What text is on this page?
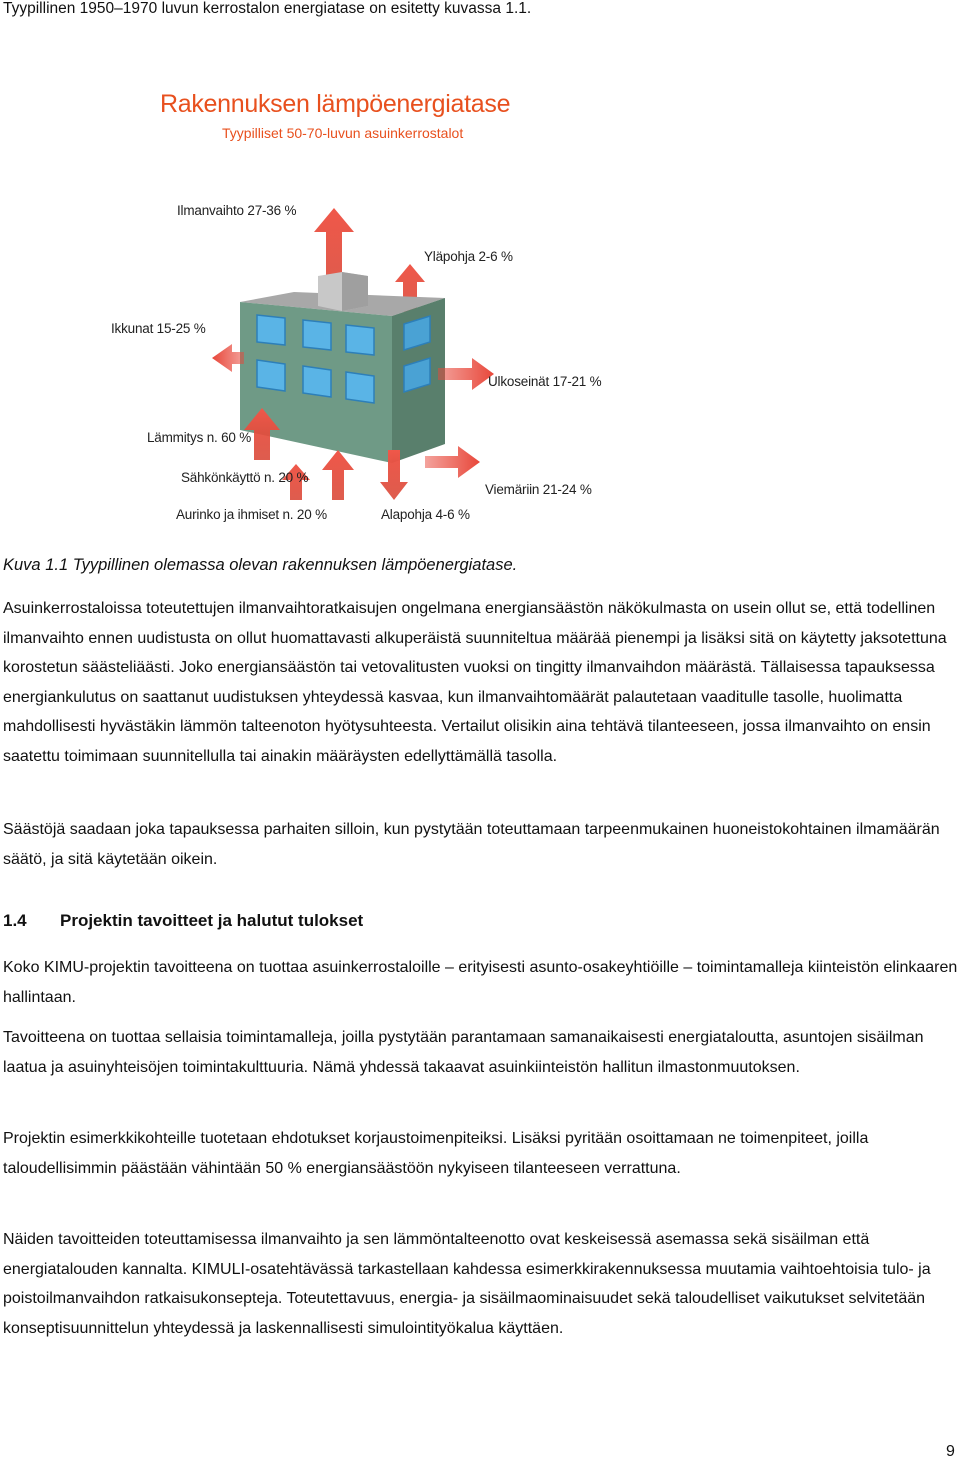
Tyypillinen 1950–1970 luvun kerrostalon energiatase on esitetty kuvassa 1.1.

Rakennuksen lämpöenergiatase
Tyypilliset 50-70-luvun asuinkerrostalot
Ilmanvaihto 27-36 %
Yläpohja 2-6 %
Ikkunat 15-25 %
Ulkoseinät 17-21 %
Lämmitys n. 60 %
Sähkönkäyttö n. 20 %
Viemäriin 21-24 %
Aurinko ja ihmiset n. 20 %	Alapohja 4-6 %
Kuva 1.1 Tyypillinen olemassa olevan rakennuksen lämpöenergiatase.

Asuinkerrostaloissa toteutettujen ilmanvaihtoratkaisujen ongelmana energiansäästön näkökulmasta on usein ollut se, että todellinen ilmanvaihto ennen uudistusta on ollut huomattavasti alkuperäistä suunniteltua määrää pienempi ja lisäksi sitä on käytetty jaksotettuna korostetun säästeliäästi. Joko energiansäästön tai vetovalitusten vuoksi on tingitty ilmanvaihdon määrästä. Tällaisessa tapauksessa energiankulutus on saattanut uudistuksen yhteydessä kasvaa, kun ilmanvaihtomäärät palautetaan vaaditulle tasolle, huolimatta mahdollisesti hyvästäkin lämmön talteenoton hyötysuhteesta. Vertailut olisikin aina tehtävä tilanteeseen, jossa ilmanvaihto on ensin saatettu toimimaan suunnitellulla tai ainakin määräysten edellyttämällä tasolla.

Säästöjä saadaan joka tapauksessa parhaiten silloin, kun pystytään toteuttamaan tarpeenmukainen huoneistokohtainen ilmamäärän säätö, ja sitä käytetään oikein.

1.4 Projektin tavoitteet ja halutut tulokset

Koko KIMU-projektin tavoitteena on tuottaa asuinkerrostaloille – erityisesti asunto-osakeyhtiöille – toimintamalleja kiinteistön elinkaaren hallintaan.

Tavoitteena on tuottaa sellaisia toimintamalleja, joilla pystytään parantamaan samanaikaisesti energiataloutta, asuntojen sisäilman laatua ja asuinyhteisöjen toimintakulttuuria. Nämä yhdessä takaavat asuinkiinteistön hallitun ilmastonmuutoksen.

Projektin esimerkkikohteille tuotetaan ehdotukset korjaustoimenpiteiksi. Lisäksi pyritään osoittamaan ne toimenpiteet, joilla taloudellisimmin päästään vähintään 50 % energiansäästöön nykyiseen tilanteeseen verrattuna.

Näiden tavoitteiden toteuttamisessa ilmanvaihto ja sen lämmöntalteenotto ovat keskeisessä asemassa sekä sisäilman että energiatalouden kannalta. KIMULI-osatehtävässä tarkastellaan kahdessa esimerkkirakennuksessa muutamia vaihtoehtoisia tulo- ja poistoilmanvaihdon ratkaisukonsepteja. Toteutettavuus, energia- ja sisäilmaominaisuudet sekä taloudelliset vaikutukset selvitetään konseptisuunnittelun yhteydessä ja laskennallisesti simulointityökalua käyttäen.

9
